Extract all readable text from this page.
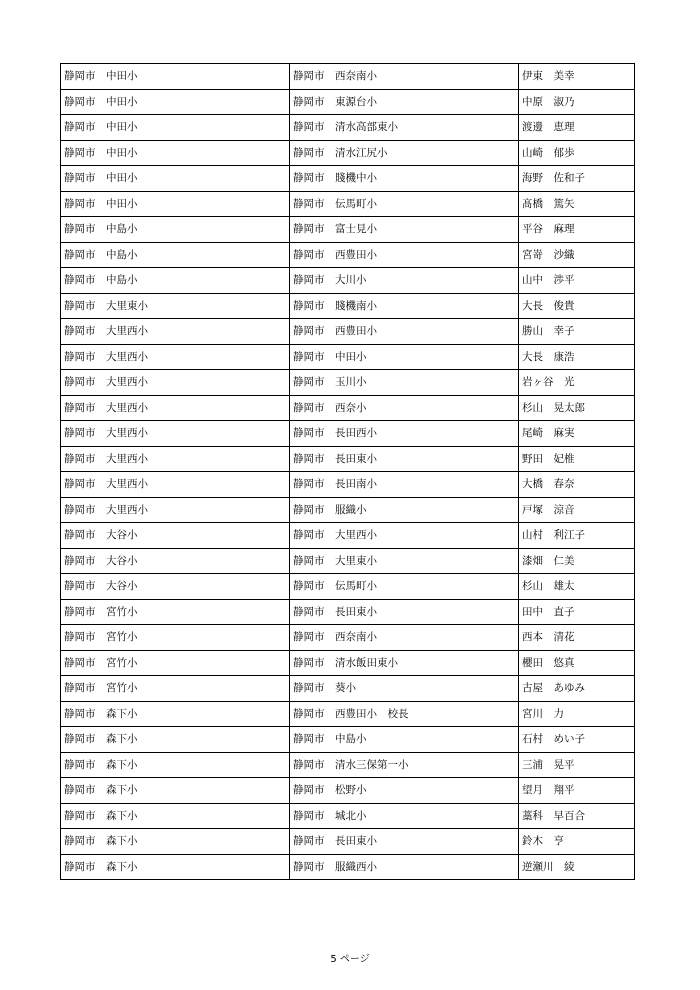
静岡市　中田小	静岡市　西奈南小	伊東　美幸
静岡市　中田小	静岡市　東源台小	中原　淑乃
静岡市　中田小	静岡市　清水高部東小	渡邊　恵理
静岡市　中田小	静岡市　清水江尻小	山崎　郁歩
静岡市　中田小	静岡市　賤機中小	海野　佐和子
静岡市　中田小	静岡市　伝馬町小	髙橋　篤矢
静岡市　中島小	静岡市　富士見小	平谷　麻理
静岡市　中島小	静岡市　西豊田小	宮嵜　沙織
静岡市　中島小	静岡市　大川小	山中　渉平
静岡市　大里東小	静岡市　賤機南小	大長　俊貴
静岡市　大里西小	静岡市　西豊田小	勝山　幸子
静岡市　大里西小	静岡市　中田小	大長　康浩
静岡市　大里西小	静岡市　玉川小	岩ヶ谷　光
静岡市　大里西小	静岡市　西奈小	杉山　晃太郎
静岡市　大里西小	静岡市　長田西小	尾崎　麻実
静岡市　大里西小	静岡市　長田東小	野田　妃椎
静岡市　大里西小	静岡市　長田南小	大橋　春奈
静岡市　大里西小	静岡市　服織小	戸塚　涼音
静岡市　大谷小	静岡市　大里西小	山村　利江子
静岡市　大谷小	静岡市　大里東小	漆畑　仁美
静岡市　大谷小	静岡市　伝馬町小	杉山　雄太
静岡市　宮竹小	静岡市　長田東小	田中　直子
静岡市　宮竹小	静岡市　西奈南小	西本　清花
静岡市　宮竹小	静岡市　清水飯田東小	櫻田　悠真
静岡市　宮竹小	静岡市　葵小	古屋　あゆみ
静岡市　森下小	静岡市　西豊田小　校長	宮川　力
静岡市　森下小	静岡市　中島小	石村　めい子
静岡市　森下小	静岡市　清水三保第一小	三浦　晃平
静岡市　森下小	静岡市　松野小	望月　翔平
静岡市　森下小	静岡市　城北小	藁科　早百合
静岡市　森下小	静岡市　長田東小	鈴木　亨
静岡市　森下小	静岡市　服織西小	逆瀬川　綾
5 ページ
